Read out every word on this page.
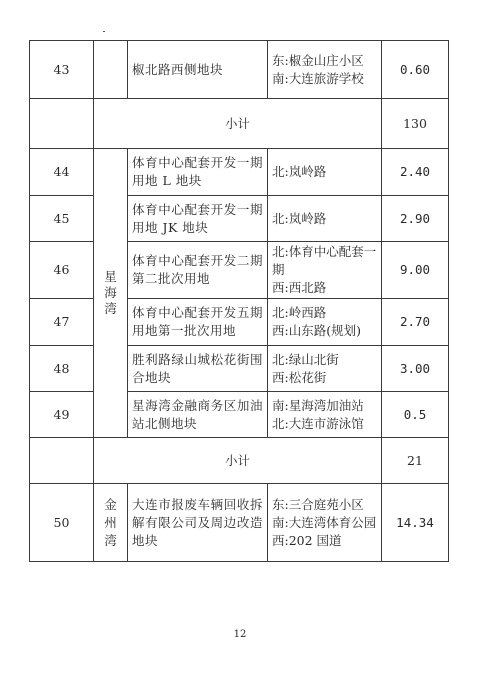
43		椒北路西侧地块	东:椒金山庄小区
南:大连旅游学校	0.60
	小计			130
44	星海湾	体育中心配套开发一期用地 L 地块	北:岚岭路	2.40
45		体育中心配套开发一期用地 JK 地块	北:岚岭路	2.90
46		体育中心配套开发二期第二批次用地	北:体育中心配套一期
西:西北路	9.00
47		体育中心配套开发五期用地第一批次用地	北:岭西路
西:山东路(规划)	2.70
48		胜利路绿山城松花街围合地块	北:绿山北街
西:松花街	3.00
49		星海湾金融商务区加油站北侧地块	南:星海湾加油站
北:大连市游泳馆	0.5
	小计			21
50	金州湾	大连市报废车辆回收拆解有限公司及周边改造地块	东:三合庭苑小区
南:大连湾体育公园
西:202 国道	14.34
12
